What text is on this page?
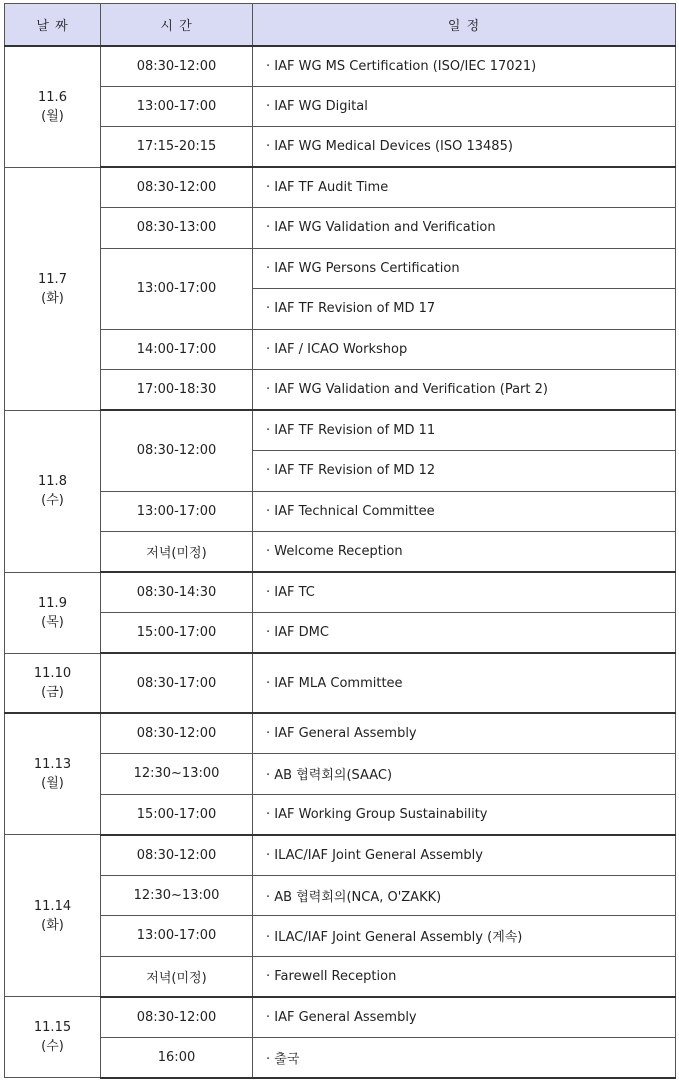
날 짜	시 간	일 정

11.6
(월)	08:30-12:00	· IAF WG MS Certification (ISO/IEC 17021)
	13:00-17:00	· IAF WG Digital
	17:15-20:15	· IAF WG Medical Devices (ISO 13485)

11.7
(화)	08:30-12:00	· IAF TF Audit Time
	08:30-13:00	· IAF WG Validation and Verification
	13:00-17:00	· IAF WG Persons Certification
		· IAF TF Revision of MD 17
	14:00-17:00	· IAF / ICAO Workshop
	17:00-18:30	· IAF WG Validation and Verification (Part 2)

11.8
(수)	08:30-12:00	· IAF TF Revision of MD 11
		· IAF TF Revision of MD 12
	13:00-17:00	· IAF Technical Committee
	저녁(미정)	· Welcome Reception

11.9
(목)	08:30-14:30	· IAF TC
	15:00-17:00	· IAF DMC

11.10
(금)	08:30-17:00	· IAF MLA Committee

11.13
(월)	08:30-12:00	· IAF General Assembly
	12:30~13:00	· AB 협력회의(SAAC)
	15:00-17:00	· IAF Working Group Sustainability

11.14
(화)	08:30-12:00	· ILAC/IAF Joint General Assembly
	12:30~13:00	· AB 협력회의(NCA, O'ZAKK)
	13:00-17:00	· ILAC/IAF Joint General Assembly (계속)
	저녁(미정)	· Farewell Reception

11.15
(수)	08:30-12:00	· IAF General Assembly
	16:00	· 출국
